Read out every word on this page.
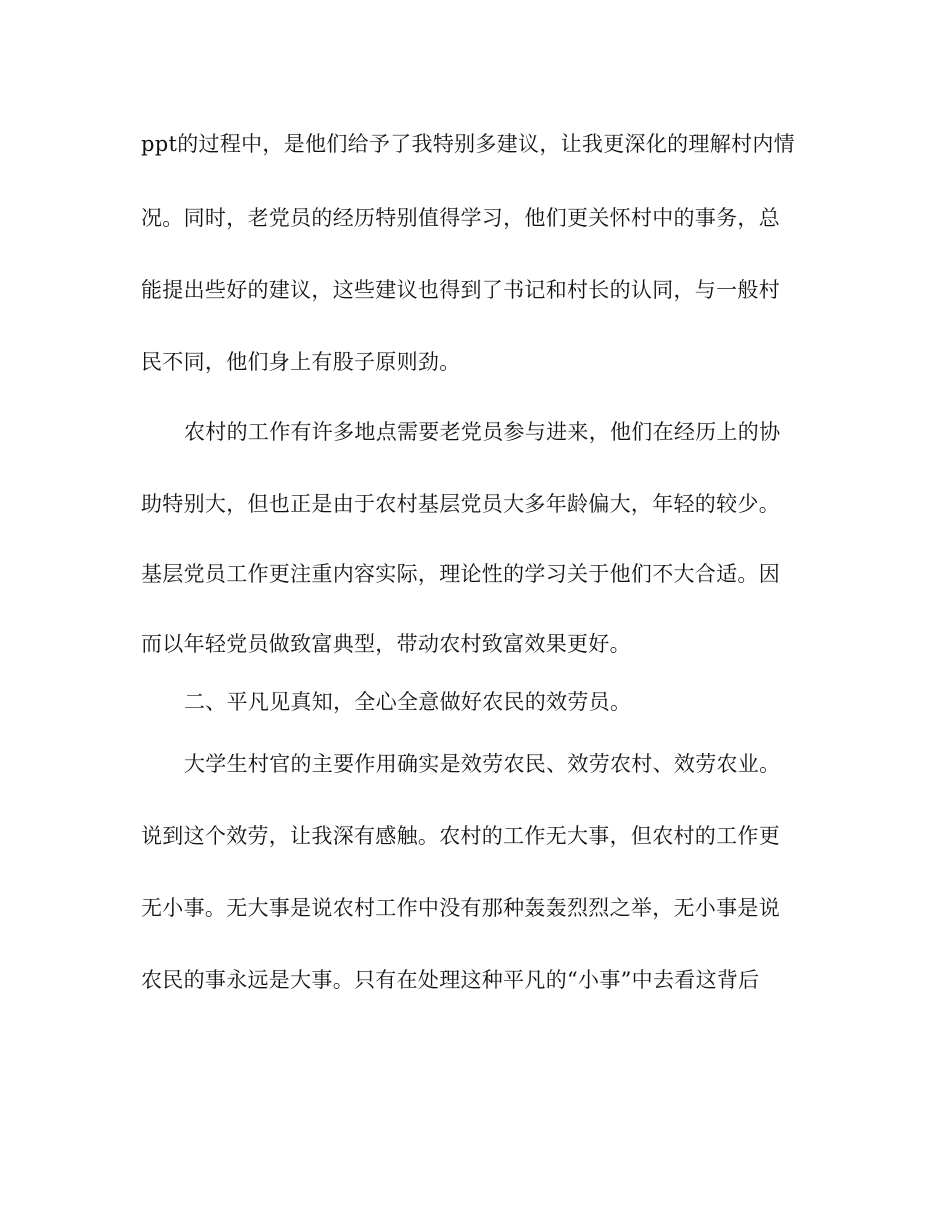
ppt的过程中，是他们给予了我特别多建议，让我更深化的理解村内情
况。同时，老党员的经历特别值得学习，他们更关怀村中的事务，总
能提出些好的建议，这些建议也得到了书记和村长的认同，与一般村
民不同，他们身上有股子原则劲。
农村的工作有许多地点需要老党员参与进来，他们在经历上的协
助特别大，但也正是由于农村基层党员大多年龄偏大，年轻的较少。
基层党员工作更注重内容实际，理论性的学习关于他们不大合适。因
而以年轻党员做致富典型，带动农村致富效果更好。
二、平凡见真知，全心全意做好农民的效劳员。
大学生村官的主要作用确实是效劳农民、效劳农村、效劳农业。
说到这个效劳，让我深有感触。农村的工作无大事，但农村的工作更
无小事。无大事是说农村工作中没有那种轰轰烈烈之举，无小事是说
农民的事永远是大事。只有在处理这种平凡的“小事”中去看这背后
